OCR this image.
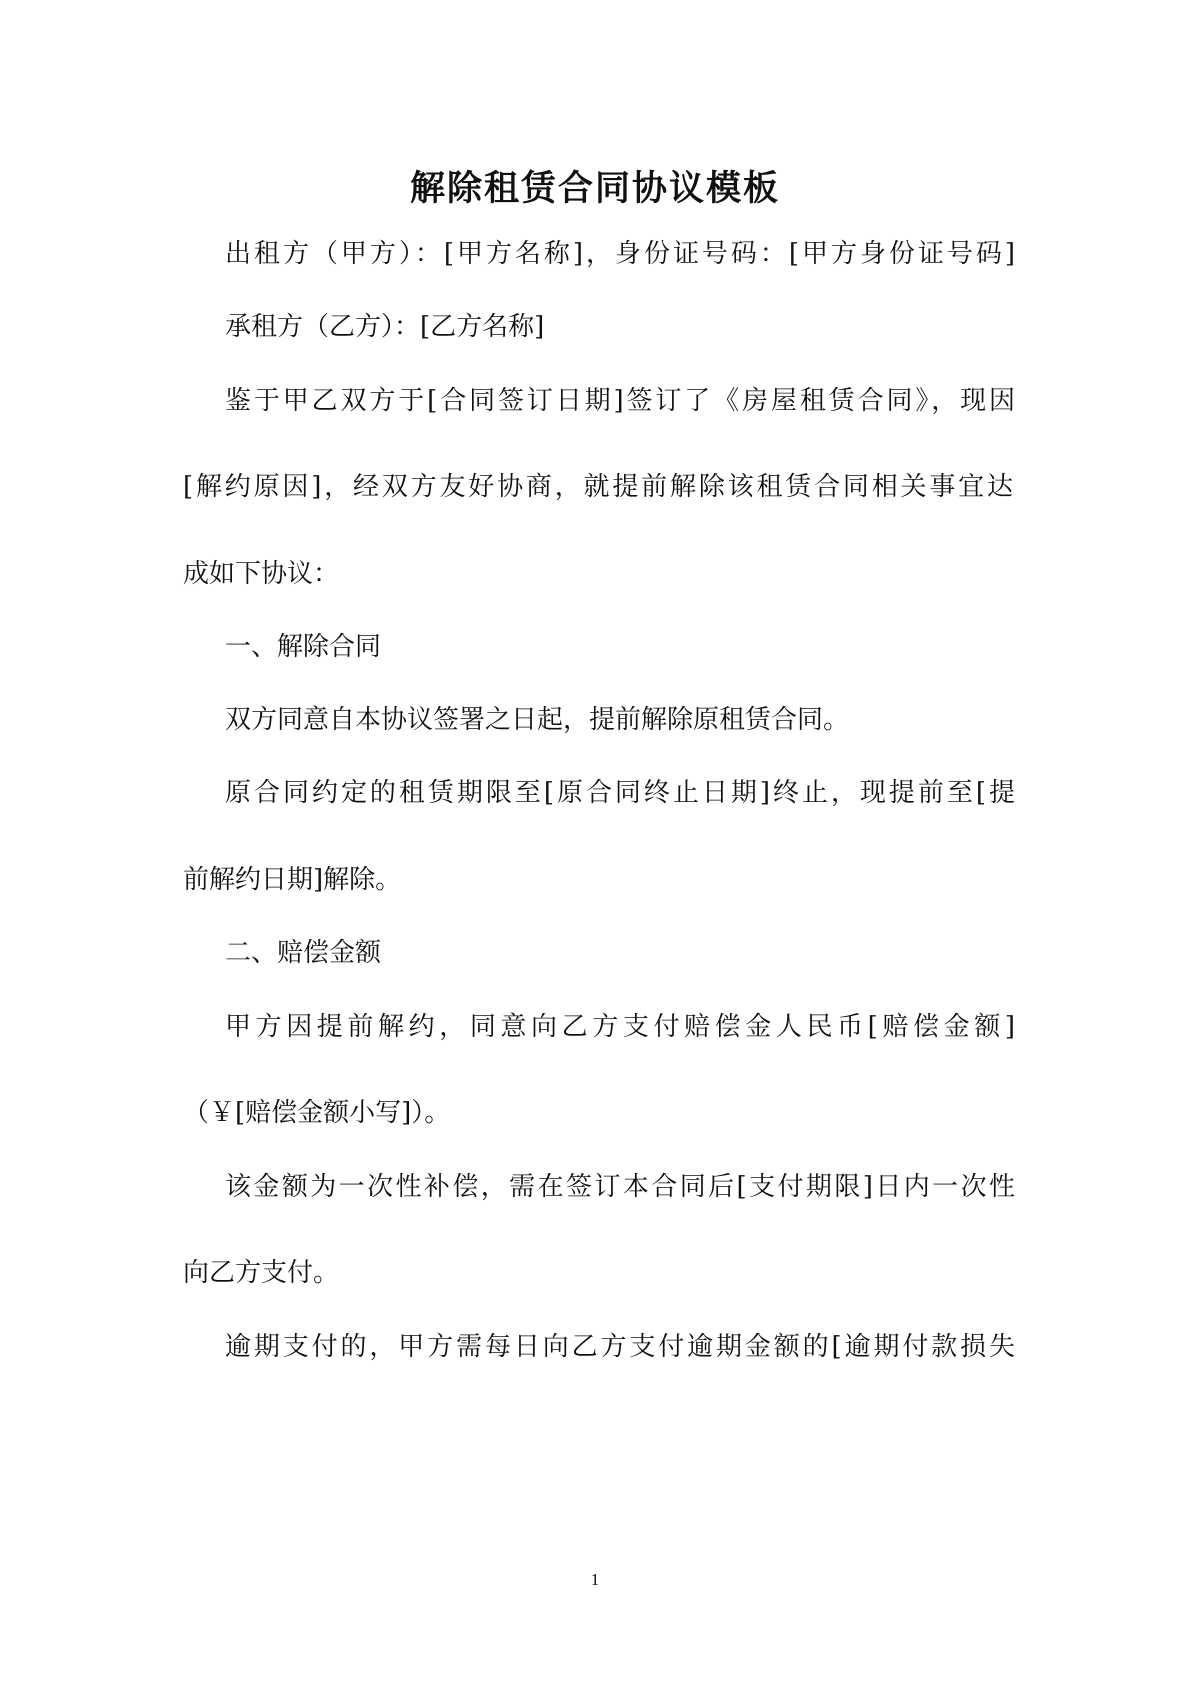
解除租赁合同协议模板

出租方（甲方）：[甲方名称]，身份证号码：[甲方身份证号码]

承租方（乙方）：[乙方名称]

鉴于甲乙双方于[合同签订日期]签订了《房屋租赁合同》，现因

[解约原因]，经双方友好协商，就提前解除该租赁合同相关事宜达

成如下协议：

一、解除合同

双方同意自本协议签署之日起，提前解除原租赁合同。

原合同约定的租赁期限至[原合同终止日期]终止，现提前至[提

前解约日期]解除。

二、赔偿金额

甲方因提前解约，同意向乙方支付赔偿金人民币[赔偿金额]

（￥[赔偿金额小写]）。

该金额为一次性补偿，需在签订本合同后[支付期限]日内一次性

向乙方支付。

逾期支付的，甲方需每日向乙方支付逾期金额的[逾期付款损失

1
